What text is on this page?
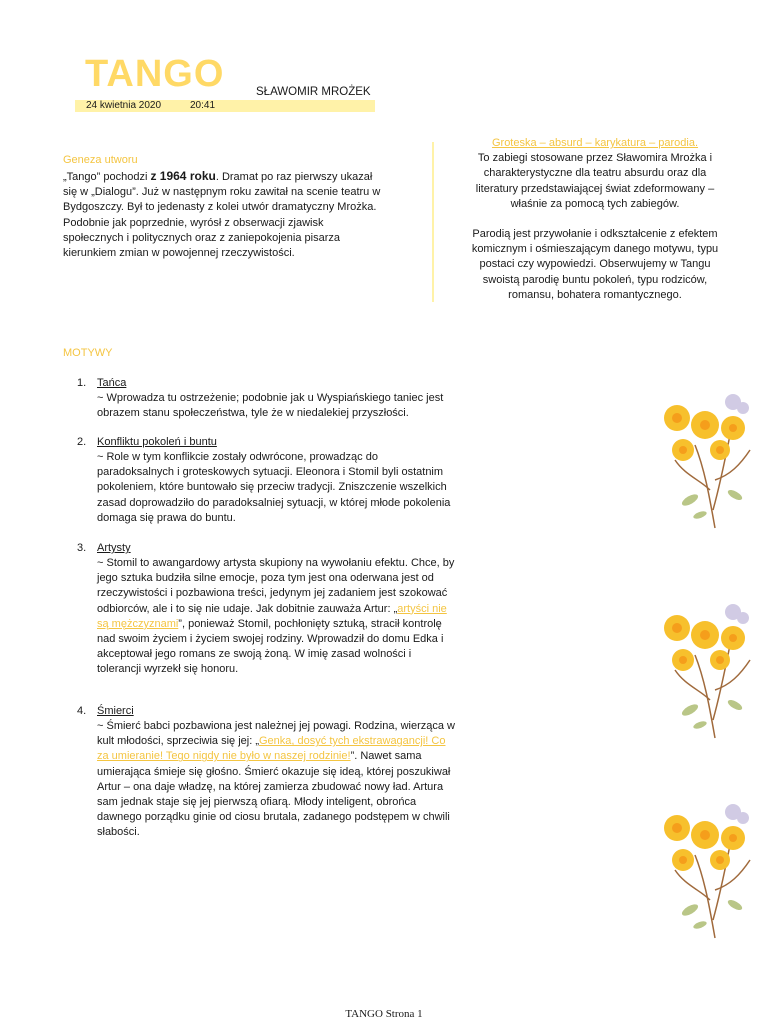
TANGO	SŁAWOMIR MROŻEK
24 kwietnia 2020	20:41
Geneza utworu
„Tango” pochodzi z 1964 roku. Dramat po raz pierwszy ukazał się w „Dialogu”. Już w następnym roku zawitał na scenie teatru w Bydgoszczy. Był to jedenasty z kolei utwór dramatyczny Mrożka. Podobnie jak poprzednie, wyrósł z obserwacji zjawisk społecznych i politycznych oraz z zaniepokojenia pisarza kierunkiem zmian w powojennej rzeczywistości.
Groteska – absurd – karykatura – parodia.
To zabiegi stosowane przez Sławomira Mrożka i charakterystyczne dla teatru absurdu oraz dla literatury przedstawiającej świat zdeformowany – właśnie za pomocą tych zabiegów.
Parodią jest przywołanie i odkształcenie z efektem komicznym i ośmieszającym danego motywu, typu postaci czy wypowiedzi. Obserwujemy w Tangu swoistą parodię buntu pokoleń, typu rodziców, romansu, bohatera romantycznego.
MOTYWY
1. Tańca
~ Wprowadza tu ostrzeżenie; podobnie jak u Wyspiańskiego taniec jest obrazem stanu społeczeństwa, tyle że w niedalekiej przyszłości.
2. Konfliktu pokoleń i buntu
~ Role w tym konflikcie zostały odwrócone, prowadząc do paradoksalnych i groteskowych sytuacji. Eleonora i Stomil byli ostatnim pokoleniem, które buntowało się przeciw tradycji. Zniszczenie wszelkich zasad doprowadziło do paradoksalniej sytuacji, w której młode pokolenia domaga się prawa do buntu.
3. Artysty
~ Stomil to awangardowy artysta skupiony na wywołaniu efektu. Chce, by jego sztuka budziła silne emocje, poza tym jest ona oderwana jest od rzeczywistości i pozbawiona treści, jedynym jej zadaniem jest szokować odbiorców, ale i to się nie udaje. Jak dobitnie zauważa Artur: „artyści nie są mężczyznami”, ponieważ Stomil, pochłonięty sztuką, stracił kontrolę nad swoim życiem i życiem swojej rodziny. Wprowadził do domu Edka i akceptował jego romans ze swoją żoną. W imię zasad wolności i tolerancji wyrzekł się honoru.
4. Śmierci
~ Śmierć babci pozbawiona jest należnej jej powagi. Rodzina, wierząca w kult młodości, sprzeciwia się jej: „Genka, dosyć tych ekstrawagancji! Co za umieranie! Tego nigdy nie było w naszej rodzinie!”. Nawet sama umierająca śmieje się głośno. Śmierć okazuje się ideą, której poszukiwał Artur – ona daje władzę, na której zamierza zbudować nowy ład. Artura sam jednak staje się jej pierwszą ofiarą. Młody inteligent, obrońca dawnego porządku ginie od ciosu brutala, zadanego podstępem w chwili słabości.
TANGO Strona 1
